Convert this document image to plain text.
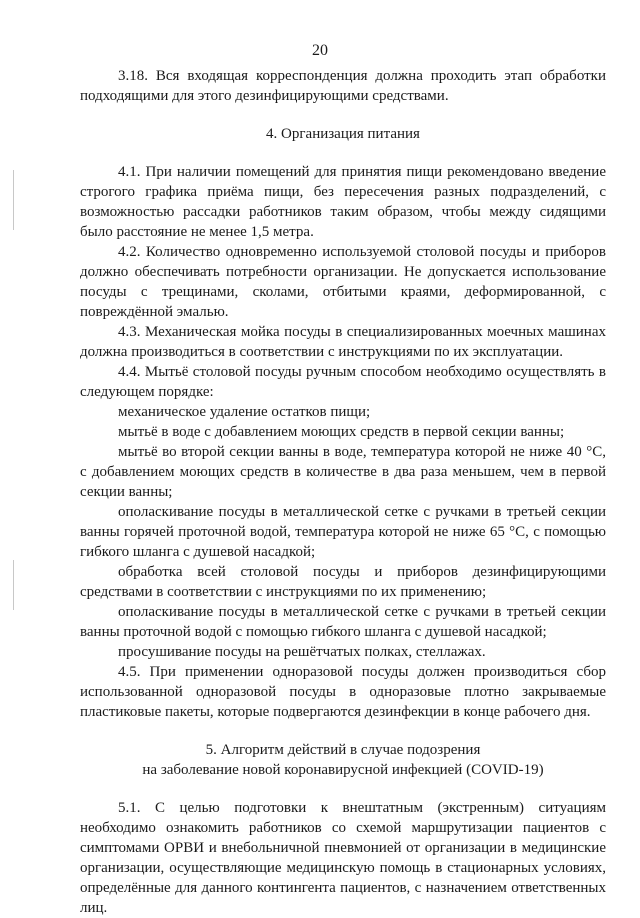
20

3.18. Вся входящая корреспонденция должна проходить этап обработки подходящими для этого дезинфицирующими средствами.

4. Организация питания

4.1. При наличии помещений для принятия пищи рекомендовано введение строгого графика приёма пищи, без пересечения разных подразделений, с возможностью рассадки работников таким образом, чтобы между сидящими было расстояние не менее 1,5 метра.

4.2. Количество одновременно используемой столовой посуды и приборов должно обеспечивать потребности организации. Не допускается использование посуды с трещинами, сколами, отбитыми краями, деформированной, с повреждённой эмалью.

4.3. Механическая мойка посуды в специализированных моечных машинах должна производиться в соответствии с инструкциями по их эксплуатации.

4.4. Мытьё столовой посуды ручным способом необходимо осуществлять в следующем порядке:

механическое удаление остатков пищи;

мытьё в воде с добавлением моющих средств в первой секции ванны;

мытьё во второй секции ванны в воде, температура которой не ниже 40 °С, с добавлением моющих средств в количестве в два раза меньшем, чем в первой секции ванны;

ополаскивание посуды в металлической сетке с ручками в третьей секции ванны горячей проточной водой, температура которой не ниже 65 °С, с помощью гибкого шланга с душевой насадкой;

обработка всей столовой посуды и приборов дезинфицирующими средствами в соответствии с инструкциями по их применению;

ополаскивание посуды в металлической сетке с ручками в третьей секции ванны проточной водой с помощью гибкого шланга с душевой насадкой;

просушивание посуды на решётчатых полках, стеллажах.

4.5. При применении одноразовой посуды должен производиться сбор использованной одноразовой посуды в одноразовые плотно закрываемые пластиковые пакеты, которые подвергаются дезинфекции в конце рабочего дня.

5. Алгоритм действий в случае подозрения

на заболевание новой коронавирусной инфекцией (COVID-19)

5.1. С целью подготовки к внештатным (экстренным) ситуациям необходимо ознакомить работников со схемой маршрутизации пациентов с симптомами ОРВИ и внебольничной пневмонией от организации в медицинские организации, осуществляющие медицинскую помощь в стационарных условиях, определённые для данного контингента пациентов, с назначением ответственных лиц.
